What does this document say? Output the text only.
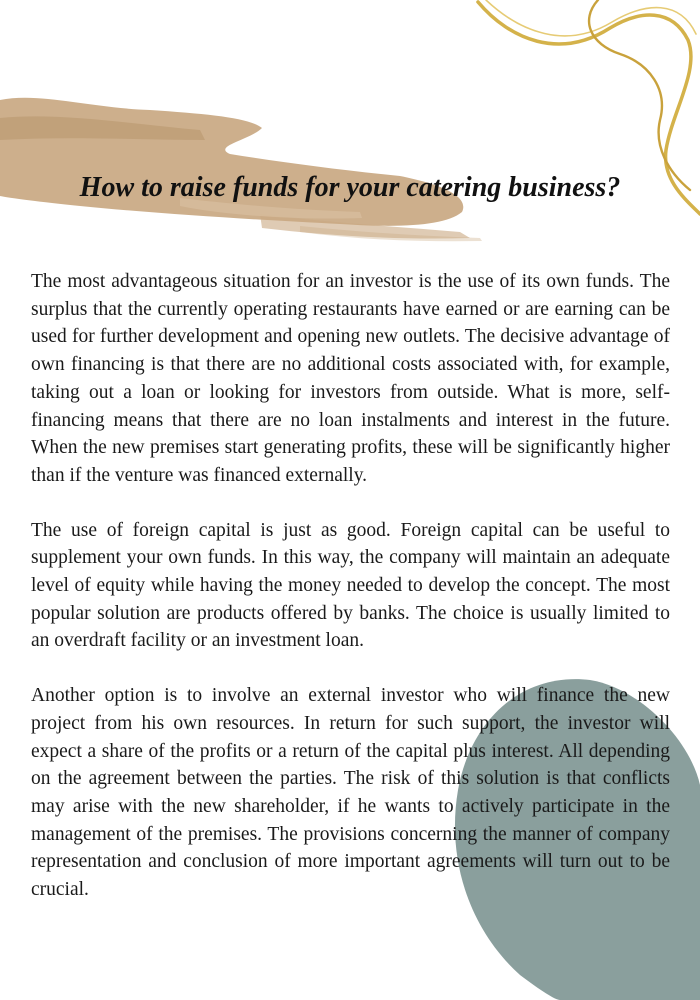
How to raise funds for your catering business?

The most advantageous situation for an investor is the use of its own funds. The surplus that the currently operating restaurants have earned or are earning can be used for further development and opening new outlets. The decisive advantage of own financing is that there are no additional costs associated with, for example, taking out a loan or looking for investors from outside. What is more, self-financing means that there are no loan instalments and interest in the future. When the new premises start generating profits, these will be significantly higher than if the venture was financed externally.

The use of foreign capital is just as good. Foreign capital can be useful to supplement your own funds. In this way, the company will maintain an adequate level of equity while having the money needed to develop the concept. The most popular solution are products offered by banks. The choice is usually limited to an overdraft facility or an investment loan.

Another option is to involve an external investor who will finance the new project from his own resources. In return for such support, the investor will expect a share of the profits or a return of the capital plus interest. All depending on the agreement between the parties. The risk of this solution is that conflicts may arise with the new shareholder, if he wants to actively participate in the management of the premises. The provisions concerning the manner of company representation and conclusion of more important agreements will turn out to be crucial.
